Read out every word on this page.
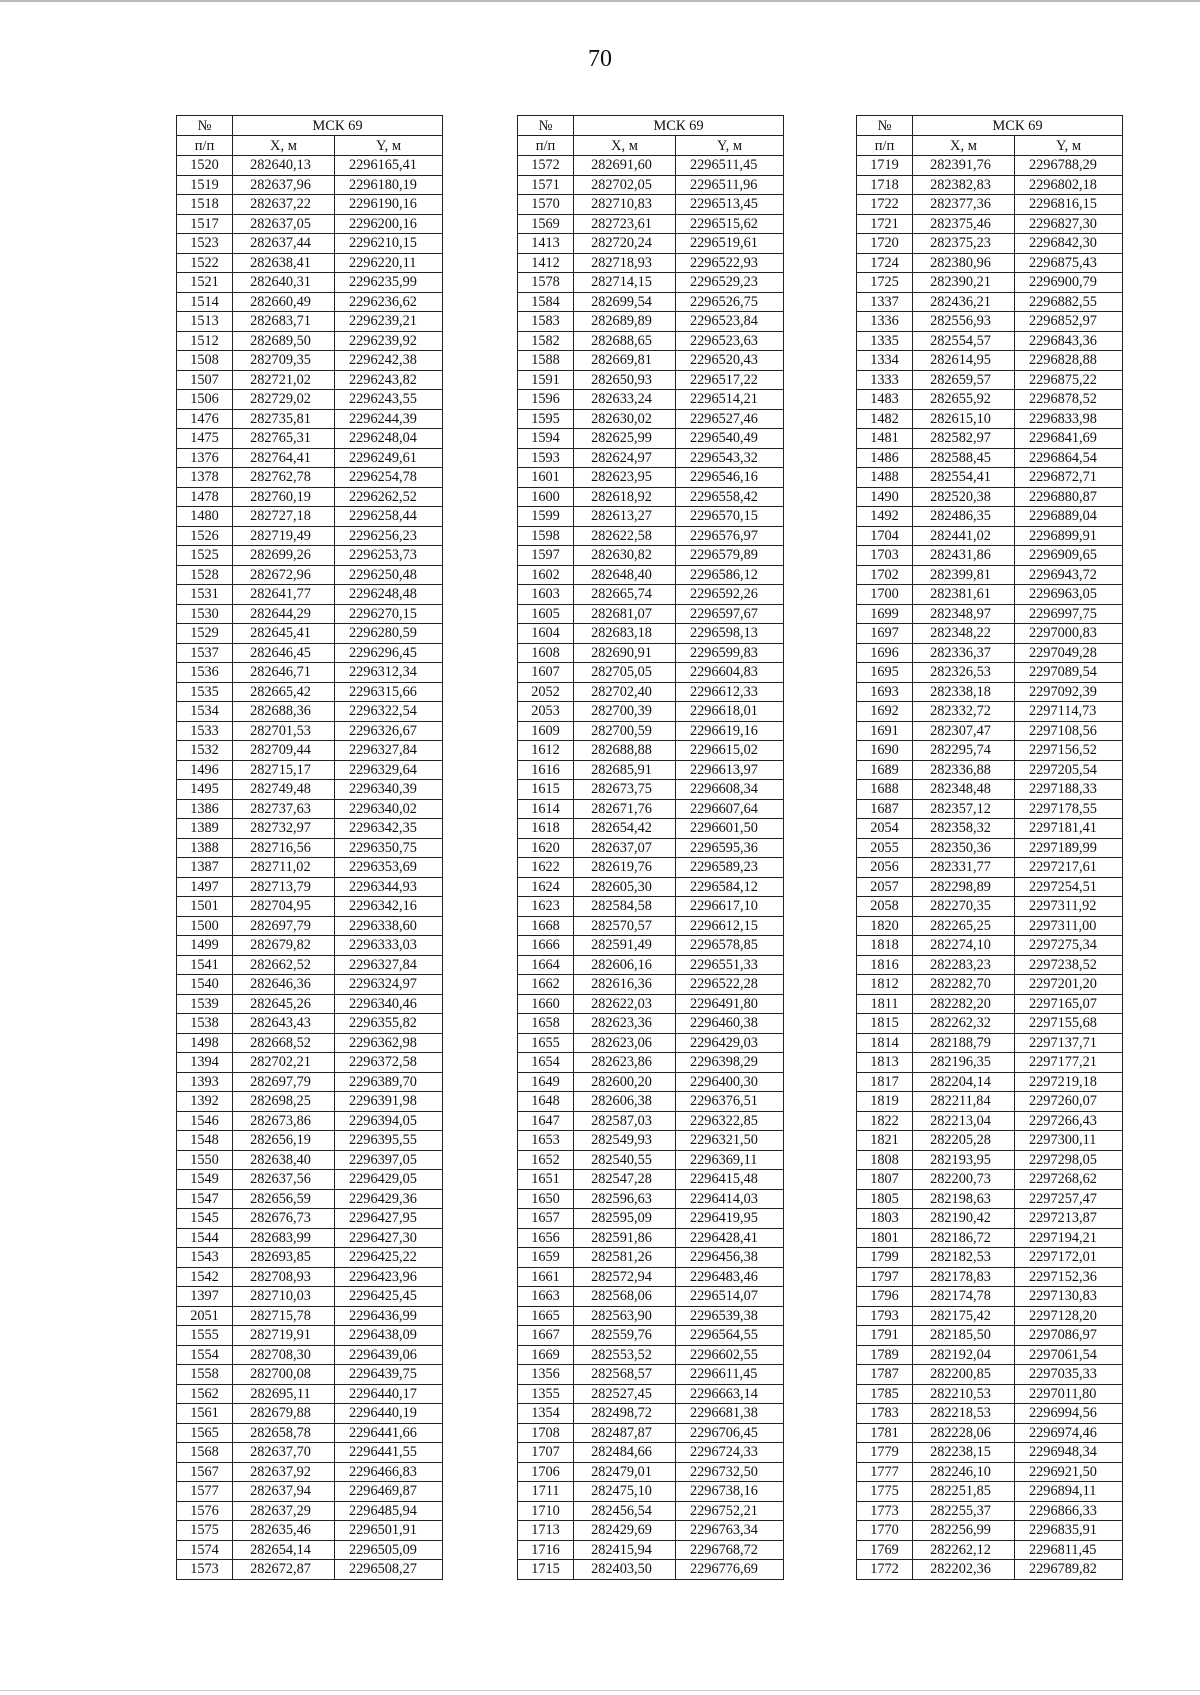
70
№	МСК 69	
п/п	X, м	Y, м
1520	282640,13	2296165,41
1519	282637,96	2296180,19
1518	282637,22	2296190,16
1517	282637,05	2296200,16
1523	282637,44	2296210,15
1522	282638,41	2296220,11
1521	282640,31	2296235,99
1514	282660,49	2296236,62
1513	282683,71	2296239,21
1512	282689,50	2296239,92
1508	282709,35	2296242,38
1507	282721,02	2296243,82
1506	282729,02	2296243,55
1476	282735,81	2296244,39
1475	282765,31	2296248,04
1376	282764,41	2296249,61
1378	282762,78	2296254,78
1478	282760,19	2296262,52
1480	282727,18	2296258,44
1526	282719,49	2296256,23
1525	282699,26	2296253,73
1528	282672,96	2296250,48
1531	282641,77	2296248,48
1530	282644,29	2296270,15
1529	282645,41	2296280,59
1537	282646,45	2296296,45
1536	282646,71	2296312,34
1535	282665,42	2296315,66
1534	282688,36	2296322,54
1533	282701,53	2296326,67
1532	282709,44	2296327,84
1496	282715,17	2296329,64
1495	282749,48	2296340,39
1386	282737,63	2296340,02
1389	282732,97	2296342,35
1388	282716,56	2296350,75
1387	282711,02	2296353,69
1497	282713,79	2296344,93
1501	282704,95	2296342,16
1500	282697,79	2296338,60
1499	282679,82	2296333,03
1541	282662,52	2296327,84
1540	282646,36	2296324,97
1539	282645,26	2296340,46
1538	282643,43	2296355,82
1498	282668,52	2296362,98
1394	282702,21	2296372,58
1393	282697,79	2296389,70
1392	282698,25	2296391,98
1546	282673,86	2296394,05
1548	282656,19	2296395,55
1550	282638,40	2296397,05
1549	282637,56	2296429,05
1547	282656,59	2296429,36
1545	282676,73	2296427,95
1544	282683,99	2296427,30
1543	282693,85	2296425,22
1542	282708,93	2296423,96
1397	282710,03	2296425,45
2051	282715,78	2296436,99
1555	282719,91	2296438,09
1554	282708,30	2296439,06
1558	282700,08	2296439,75
1562	282695,11	2296440,17
1561	282679,88	2296440,19
1565	282658,78	2296441,66
1568	282637,70	2296441,55
1567	282637,92	2296466,83
1577	282637,94	2296469,87
1576	282637,29	2296485,94
1575	282635,46	2296501,91
1574	282654,14	2296505,09
1573	282672,87	2296508,27
№	МСК 69	
п/п	X, м	Y, м
1572	282691,60	2296511,45
1571	282702,05	2296511,96
1570	282710,83	2296513,45
1569	282723,61	2296515,62
1413	282720,24	2296519,61
1412	282718,93	2296522,93
1578	282714,15	2296529,23
1584	282699,54	2296526,75
1583	282689,89	2296523,84
1582	282688,65	2296523,63
1588	282669,81	2296520,43
1591	282650,93	2296517,22
1596	282633,24	2296514,21
1595	282630,02	2296527,46
1594	282625,99	2296540,49
1593	282624,97	2296543,32
1601	282623,95	2296546,16
1600	282618,92	2296558,42
1599	282613,27	2296570,15
1598	282622,58	2296576,97
1597	282630,82	2296579,89
1602	282648,40	2296586,12
1603	282665,74	2296592,26
1605	282681,07	2296597,67
1604	282683,18	2296598,13
1608	282690,91	2296599,83
1607	282705,05	2296604,83
2052	282702,40	2296612,33
2053	282700,39	2296618,01
1609	282700,59	2296619,16
1612	282688,88	2296615,02
1616	282685,91	2296613,97
1615	282673,75	2296608,34
1614	282671,76	2296607,64
1618	282654,42	2296601,50
1620	282637,07	2296595,36
1622	282619,76	2296589,23
1624	282605,30	2296584,12
1623	282584,58	2296617,10
1668	282570,57	2296612,15
1666	282591,49	2296578,85
1664	282606,16	2296551,33
1662	282616,36	2296522,28
1660	282622,03	2296491,80
1658	282623,36	2296460,38
1655	282623,06	2296429,03
1654	282623,86	2296398,29
1649	282600,20	2296400,30
1648	282606,38	2296376,51
1647	282587,03	2296322,85
1653	282549,93	2296321,50
1652	282540,55	2296369,11
1651	282547,28	2296415,48
1650	282596,63	2296414,03
1657	282595,09	2296419,95
1656	282591,86	2296428,41
1659	282581,26	2296456,38
1661	282572,94	2296483,46
1663	282568,06	2296514,07
1665	282563,90	2296539,38
1667	282559,76	2296564,55
1669	282553,52	2296602,55
1356	282568,57	2296611,45
1355	282527,45	2296663,14
1354	282498,72	2296681,38
1708	282487,87	2296706,45
1707	282484,66	2296724,33
1706	282479,01	2296732,50
1711	282475,10	2296738,16
1710	282456,54	2296752,21
1713	282429,69	2296763,34
1716	282415,94	2296768,72
1715	282403,50	2296776,69
№	МСК 69	
п/п	X, м	Y, м
1719	282391,76	2296788,29
1718	282382,83	2296802,18
1722	282377,36	2296816,15
1721	282375,46	2296827,30
1720	282375,23	2296842,30
1724	282380,96	2296875,43
1725	282390,21	2296900,79
1337	282436,21	2296882,55
1336	282556,93	2296852,97
1335	282554,57	2296843,36
1334	282614,95	2296828,88
1333	282659,57	2296875,22
1483	282655,92	2296878,52
1482	282615,10	2296833,98
1481	282582,97	2296841,69
1486	282588,45	2296864,54
1488	282554,41	2296872,71
1490	282520,38	2296880,87
1492	282486,35	2296889,04
1704	282441,02	2296899,91
1703	282431,86	2296909,65
1702	282399,81	2296943,72
1700	282381,61	2296963,05
1699	282348,97	2296997,75
1697	282348,22	2297000,83
1696	282336,37	2297049,28
1695	282326,53	2297089,54
1693	282338,18	2297092,39
1692	282332,72	2297114,73
1691	282307,47	2297108,56
1690	282295,74	2297156,52
1689	282336,88	2297205,54
1688	282348,48	2297188,33
1687	282357,12	2297178,55
2054	282358,32	2297181,41
2055	282350,36	2297189,99
2056	282331,77	2297217,61
2057	282298,89	2297254,51
2058	282270,35	2297311,92
1820	282265,25	2297311,00
1818	282274,10	2297275,34
1816	282283,23	2297238,52
1812	282282,70	2297201,20
1811	282282,20	2297165,07
1815	282262,32	2297155,68
1814	282188,79	2297137,71
1813	282196,35	2297177,21
1817	282204,14	2297219,18
1819	282211,84	2297260,07
1822	282213,04	2297266,43
1821	282205,28	2297300,11
1808	282193,95	2297298,05
1807	282200,73	2297268,62
1805	282198,63	2297257,47
1803	282190,42	2297213,87
1801	282186,72	2297194,21
1799	282182,53	2297172,01
1797	282178,83	2297152,36
1796	282174,78	2297130,83
1793	282175,42	2297128,20
1791	282185,50	2297086,97
1789	282192,04	2297061,54
1787	282200,85	2297035,33
1785	282210,53	2297011,80
1783	282218,53	2296994,56
1781	282228,06	2296974,46
1779	282238,15	2296948,34
1777	282246,10	2296921,50
1775	282251,85	2296894,11
1773	282255,37	2296866,33
1770	282256,99	2296835,91
1769	282262,12	2296811,45
1772	282202,36	2296789,82
